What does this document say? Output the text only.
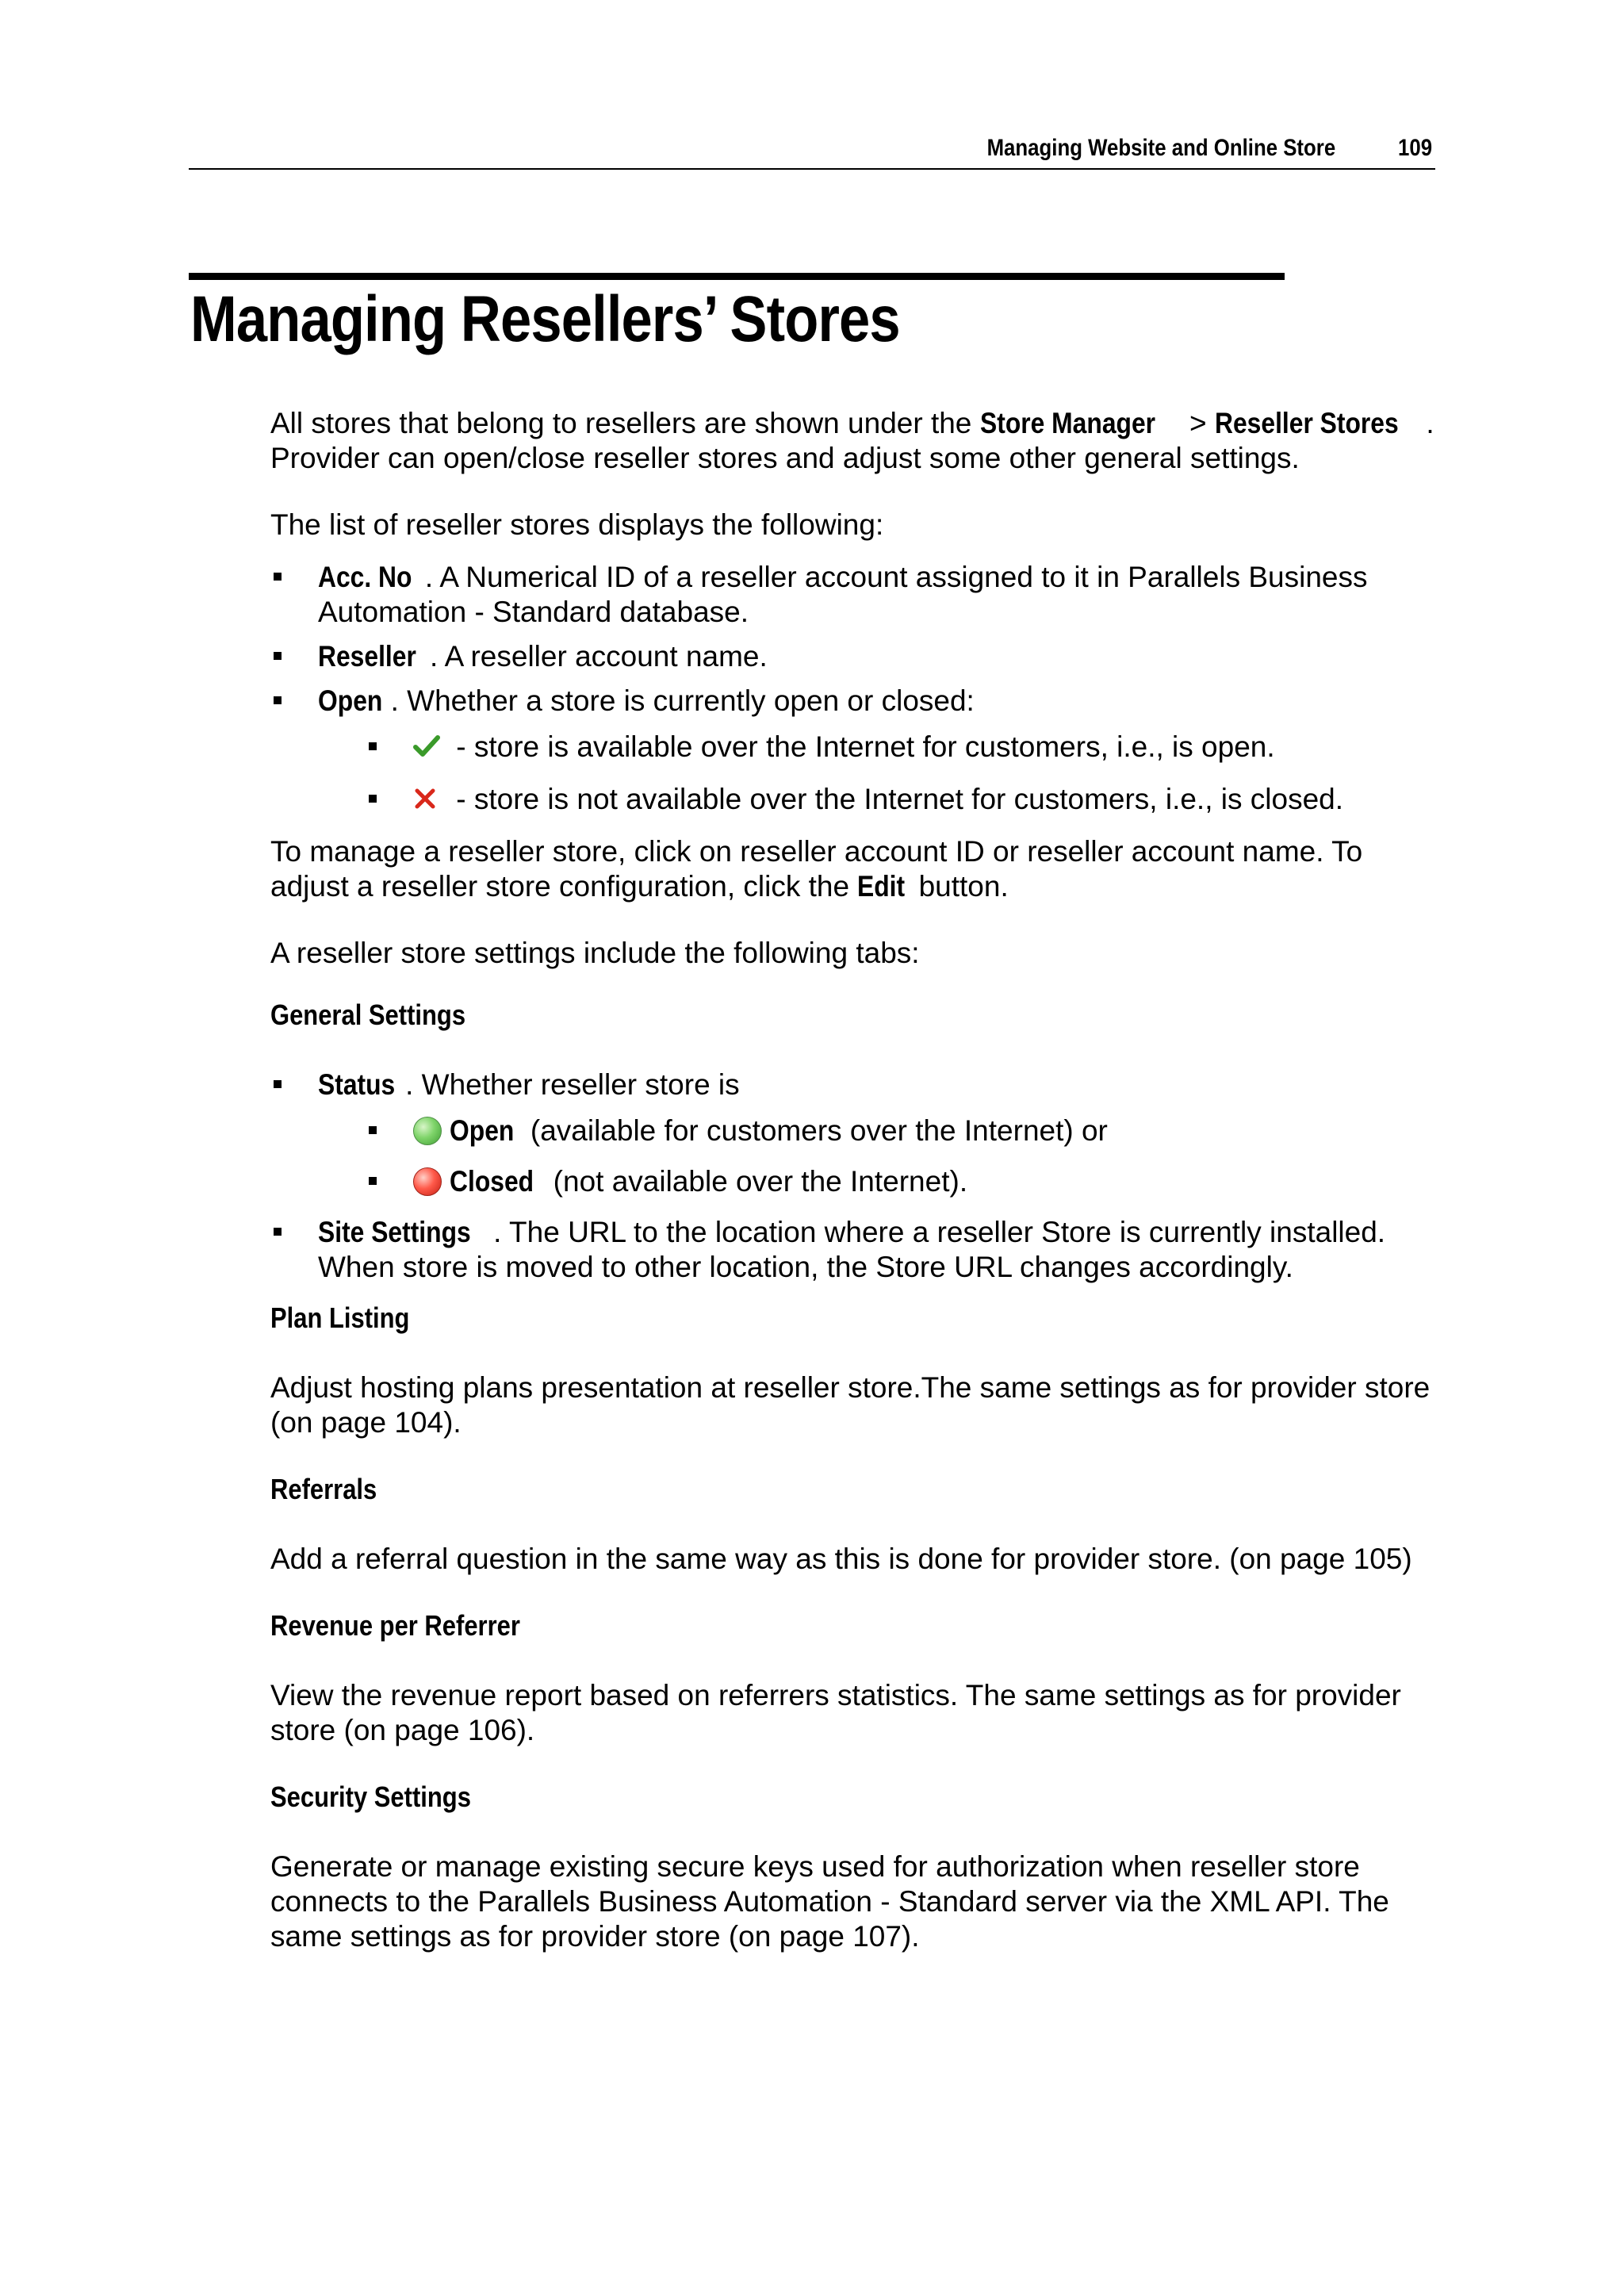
Managing Website and Online Store	109
Managing Resellers’ Stores

All stores that belong to resellers are shown under the Store Manager > Reseller Stores . Provider can open/close reseller stores and adjust some other general settings.

The list of reseller stores displays the following:

Acc. No . A Numerical ID of a reseller account assigned to it in Parallels Business Automation - Standard database.
Reseller . A reseller account name.
Open . Whether a store is currently open or closed:
- store is available over the Internet for customers, i.e., is open.
- store is not available over the Internet for customers, i.e., is closed.

To manage a reseller store, click on reseller account ID or reseller account name. To adjust a reseller store configuration, click the Edit button.

A reseller store settings include the following tabs:

General Settings
Status . Whether reseller store is
Open (available for customers over the Internet) or
Closed (not available over the Internet).
Site Settings . The URL to the location where a reseller Store is currently installed. When store is moved to other location, the Store URL changes accordingly.
Plan Listing

Adjust hosting plans presentation at reseller store.The same settings as for provider store (on page 104).

Referrals

Add a referral question in the same way as this is done for provider store. (on page 105)

Revenue per Referrer

View the revenue report based on referrers statistics. The same settings as for provider store (on page 106).

Security Settings

Generate or manage existing secure keys used for authorization when reseller store connects to the Parallels Business Automation - Standard server via the XML API. The same settings as for provider store (on page 107).
